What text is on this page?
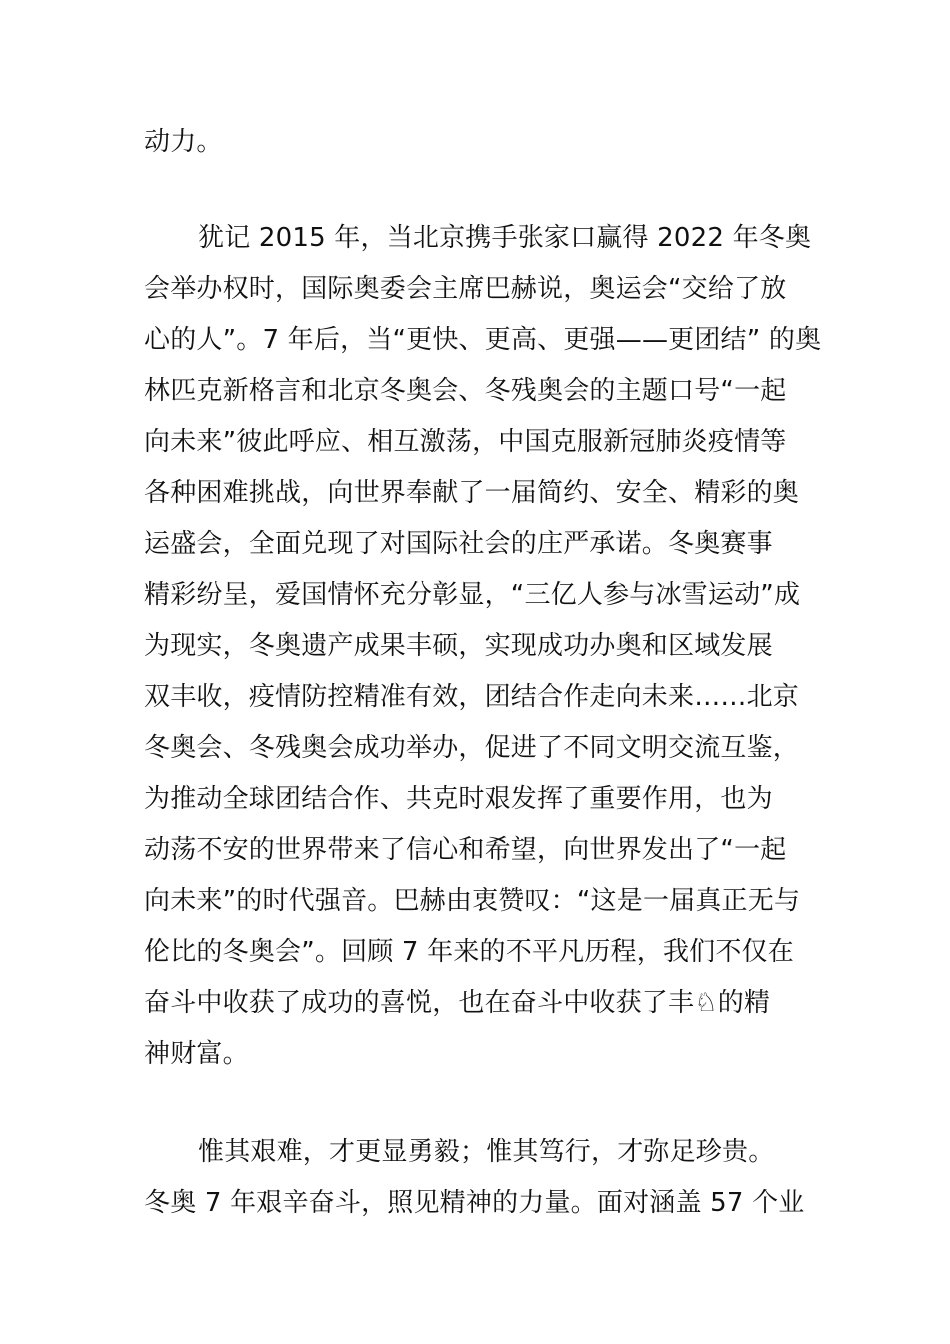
动力。
犹记 2015 年，当北京携手张家口赢得 2022 年冬奥
会举办权时，国际奥委会主席巴赫说，奥运会“交给了放
心的人”。7 年后，当“更快、更高、更强——更团结” 的奥
林匹克新格言和北京冬奥会、冬残奥会的主题口号“一起
向未来”彼此呼应、相互激荡，中国克服新冠肺炎疫情等
各种困难挑战，向世界奉献了一届简约、安全、精彩的奥
运盛会，全面兑现了对国际社会的庄严承诺。冬奥赛事
精彩纷呈，爱国情怀充分彰显，“三亿人参与冰雪运动”成
为现实，冬奥遗产成果丰硕，实现成功办奥和区域发展
双丰收，疫情防控精准有效，团结合作走向未来……北京
冬奥会、冬残奥会成功举办，促进了不同文明交流互鉴，
为推动全球团结合作、共克时艰发挥了重要作用，也为
动荡不安的世界带来了信心和希望，向世界发出了“一起
向未来”的时代强音。巴赫由衷赞叹：“这是一届真正无与
伦比的冬奥会”。回顾 7 年来的不平凡历程，我们不仅在
奋斗中收获了成功的喜悦，也在奋斗中收获了丰♘的精
神财富。
惟其艰难，才更显勇毅；惟其笃行，才弥足珍贵。
冬奥 7 年艰辛奋斗，照见精神的力量。面对涵盖 57 个业
